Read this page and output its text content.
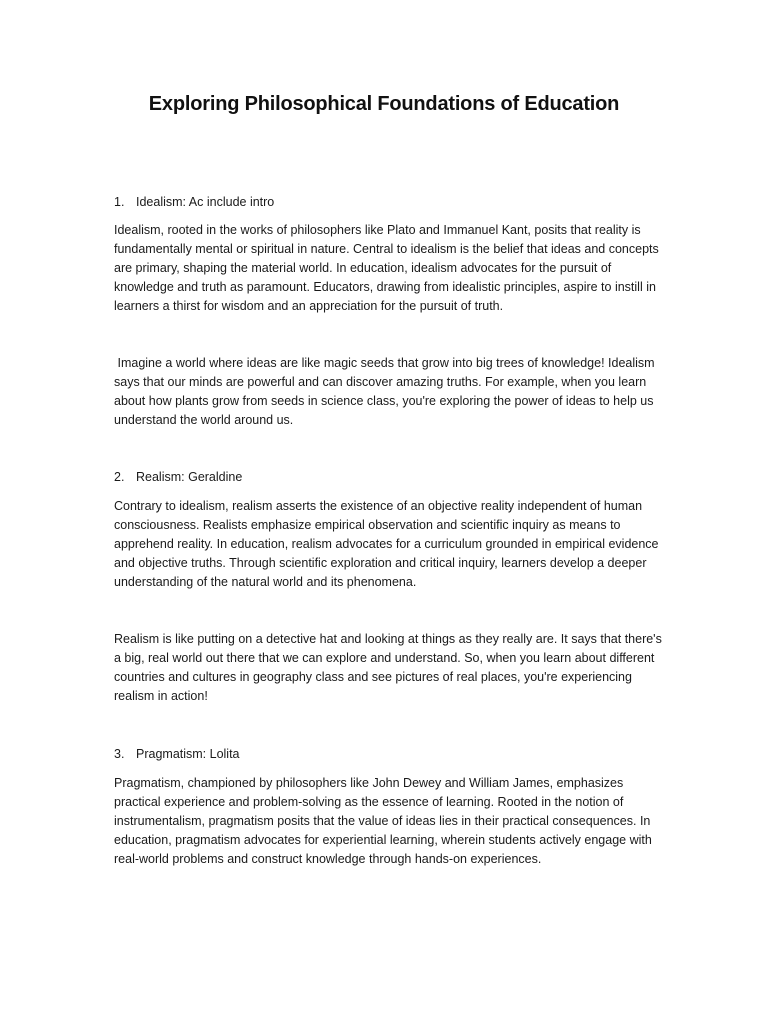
Exploring Philosophical Foundations of Education
1. Idealism: Ac include intro

Idealism, rooted in the works of philosophers like Plato and Immanuel Kant, posits that reality is fundamentally mental or spiritual in nature. Central to idealism is the belief that ideas and concepts are primary, shaping the material world. In education, idealism advocates for the pursuit of knowledge and truth as paramount. Educators, drawing from idealistic principles, aspire to instill in learners a thirst for wisdom and an appreciation for the pursuit of truth.

Imagine a world where ideas are like magic seeds that grow into big trees of knowledge! Idealism says that our minds are powerful and can discover amazing truths. For example, when you learn about how plants grow from seeds in science class, you're exploring the power of ideas to help us understand the world around us.

2. Realism: Geraldine

Contrary to idealism, realism asserts the existence of an objective reality independent of human consciousness. Realists emphasize empirical observation and scientific inquiry as means to apprehend reality. In education, realism advocates for a curriculum grounded in empirical evidence and objective truths. Through scientific exploration and critical inquiry, learners develop a deeper understanding of the natural world and its phenomena.

Realism is like putting on a detective hat and looking at things as they really are. It says that there's a big, real world out there that we can explore and understand. So, when you learn about different countries and cultures in geography class and see pictures of real places, you're experiencing realism in action!

3. Pragmatism: Lolita

Pragmatism, championed by philosophers like John Dewey and William James, emphasizes practical experience and problem-solving as the essence of learning. Rooted in the notion of instrumentalism, pragmatism posits that the value of ideas lies in their practical consequences. In education, pragmatism advocates for experiential learning, wherein students actively engage with real-world problems and construct knowledge through hands-on experiences.
